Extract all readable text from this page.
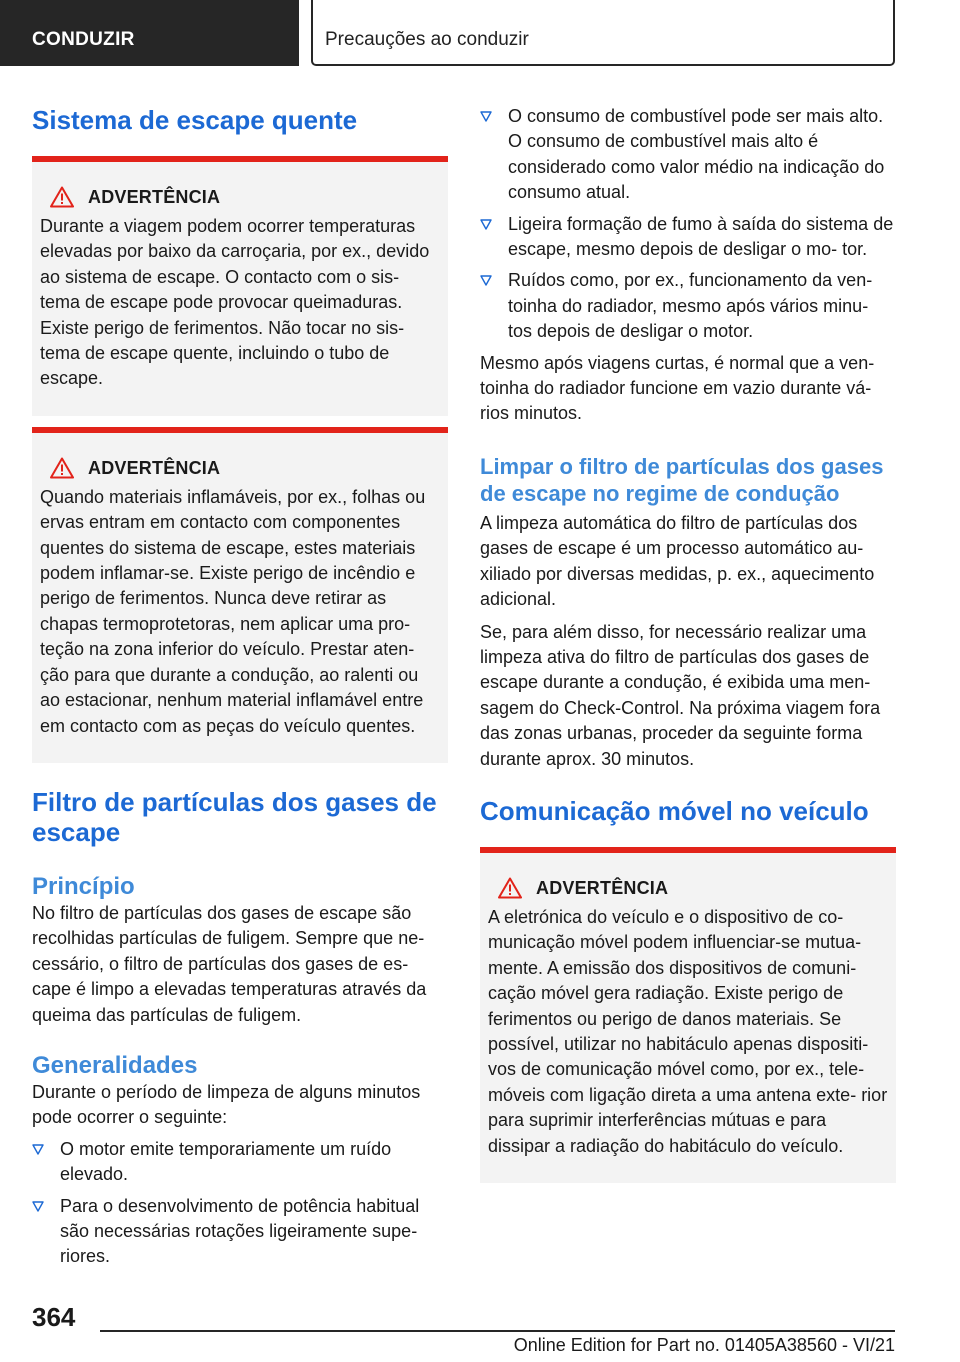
CONDUZIR	Precauções ao conduzir
Sistema de escape quente
ADVERTÊNCIA

Durante a viagem podem ocorrer temperaturas elevadas por baixo da carroçaria, por ex., devido ao sistema de escape. O contacto com o sis- tema de escape pode provocar queimaduras. Existe perigo de ferimentos. Não tocar no sis- tema de escape quente, incluindo o tubo de escape.

ADVERTÊNCIA

Quando materiais inflamáveis, por ex., folhas ou ervas entram em contacto com componentes quentes do sistema de escape, estes materiais podem inflamar-se. Existe perigo de incêndio e perigo de ferimentos. Nunca deve retirar as chapas termoprotetoras, nem aplicar uma pro- teção na zona inferior do veículo. Prestar aten- ção para que durante a condução, ao ralenti ou ao estacionar, nenhum material inflamável entre em contacto com as peças do veículo quentes.

Filtro de partículas dos gases de escape
Princípio

No filtro de partículas dos gases de escape são recolhidas partículas de fuligem. Sempre que ne- cessário, o filtro de partículas dos gases de es- cape é limpo a elevadas temperaturas através da queima das partículas de fuligem.

Generalidades

Durante o período de limpeza de alguns minutos pode ocorrer o seguinte:

O motor emite temporariamente um ruído elevado.
Para o desenvolvimento de potência habitual são necessárias rotações ligeiramente supe- riores.
O consumo de combustível pode ser mais alto. O consumo de combustível mais alto é considerado como valor médio na indicação do consumo atual.
Ligeira formação de fumo à saída do sistema de escape, mesmo depois de desligar o mo- tor.
Ruídos como, por ex., funcionamento da ven- toinha do radiador, mesmo após vários minu- tos depois de desligar o motor.

Mesmo após viagens curtas, é normal que a ven- toinha do radiador funcione em vazio durante vá- rios minutos.

Limpar o filtro de partículas dos gases de escape no regime de condução

A limpeza automática do filtro de partículas dos gases de escape é um processo automático au- xiliado por diversas medidas, p. ex., aquecimento adicional.

Se, para além disso, for necessário realizar uma limpeza ativa do filtro de partículas dos gases de escape durante a condução, é exibida uma men- sagem do Check-Control. Na próxima viagem fora das zonas urbanas, proceder da seguinte forma durante aprox. 30 minutos.

Comunicação móvel no veículo
ADVERTÊNCIA

A eletrónica do veículo e o dispositivo de co- municação móvel podem influenciar-se mutua- mente. A emissão dos dispositivos de comuni- cação móvel gera radiação. Existe perigo de ferimentos ou perigo de danos materiais. Se possível, utilizar no habitáculo apenas dispositi- vos de comunicação móvel como, por ex., tele- móveis com ligação direta a uma antena exte- rior para suprimir interferências mútuas e para dissipar a radiação do habitáculo do veículo.

364
Online Edition for Part no. 01405A38560 - VI/21
